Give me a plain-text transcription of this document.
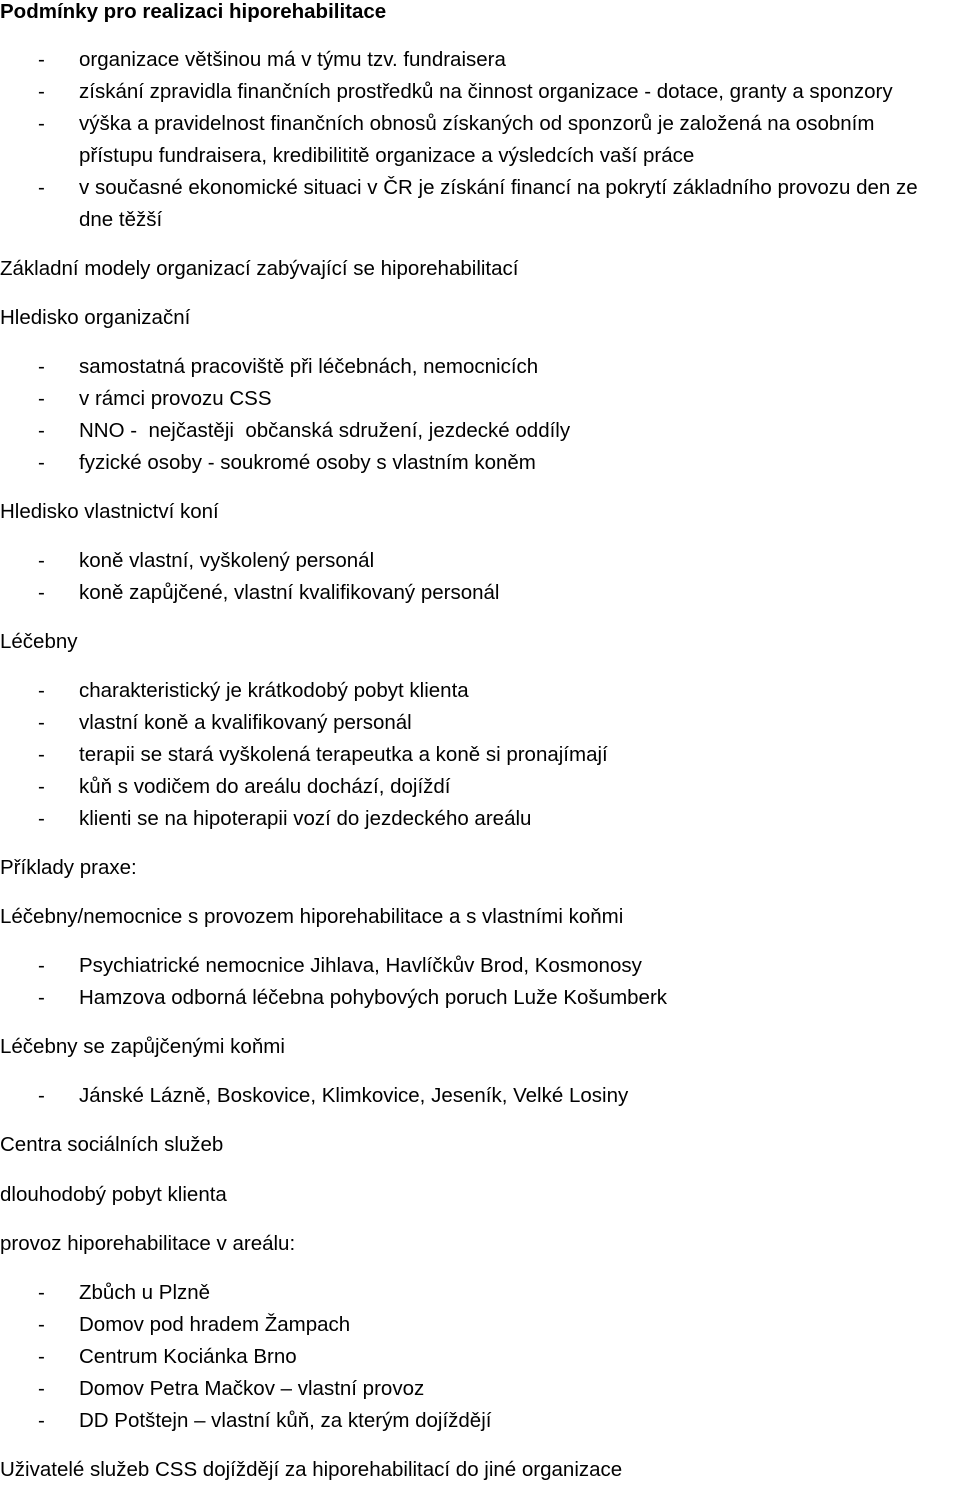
Podmínky pro realizaci hiporehabilitace
- organizace většinou má v týmu tzv. fundraisera
- získání zpravidla finančních prostředků na činnost organizace - dotace, granty a sponzory
- výška a pravidelnost finančních obnosů získaných od sponzorů je založená na osobním
přístupu fundraisera, kredibilititě organizace a výsledcích vaší práce
- v současné ekonomické situaci v ČR je získání financí na pokrytí základního provozu den ze
dne těžší
Základní modely organizací zabývající se hiporehabilitací
Hledisko organizační
- samostatná pracoviště při léčebnách, nemocnicích
- v rámci provozu CSS
- NNO -  nejčastěji  občanská sdružení, jezdecké oddíly
- fyzické osoby - soukromé osoby s vlastním koněm
Hledisko vlastnictví koní
- koně vlastní, vyškolený personál
- koně zapůjčené, vlastní kvalifikovaný personál
Léčebny
- charakteristický je krátkodobý pobyt klienta
- vlastní koně a kvalifikovaný personál
- terapii se stará vyškolená terapeutka a koně si pronajímají
- kůň s vodičem do areálu dochází, dojíždí
- klienti se na hipoterapii vozí do jezdeckého areálu
Příklady praxe:
Léčebny/nemocnice s provozem hiporehabilitace a s vlastními koňmi
- Psychiatrické nemocnice Jihlava, Havlíčkův Brod, Kosmonosy
- Hamzova odborná léčebna pohybových poruch Luže Košumberk
Léčebny se zapůjčenými koňmi
- Jánské Lázně, Boskovice, Klimkovice, Jeseník, Velké Losiny
Centra sociálních služeb
dlouhodobý pobyt klienta
provoz hiporehabilitace v areálu:
- Zbůch u Plzně
- Domov pod hradem Žampach
- Centrum Kociánka Brno
- Domov Petra Mačkov – vlastní provoz
- DD Potštejn – vlastní kůň, za kterým dojíždějí
Uživatelé služeb CSS dojíždějí za hiporehabilitací do jiné organizace
